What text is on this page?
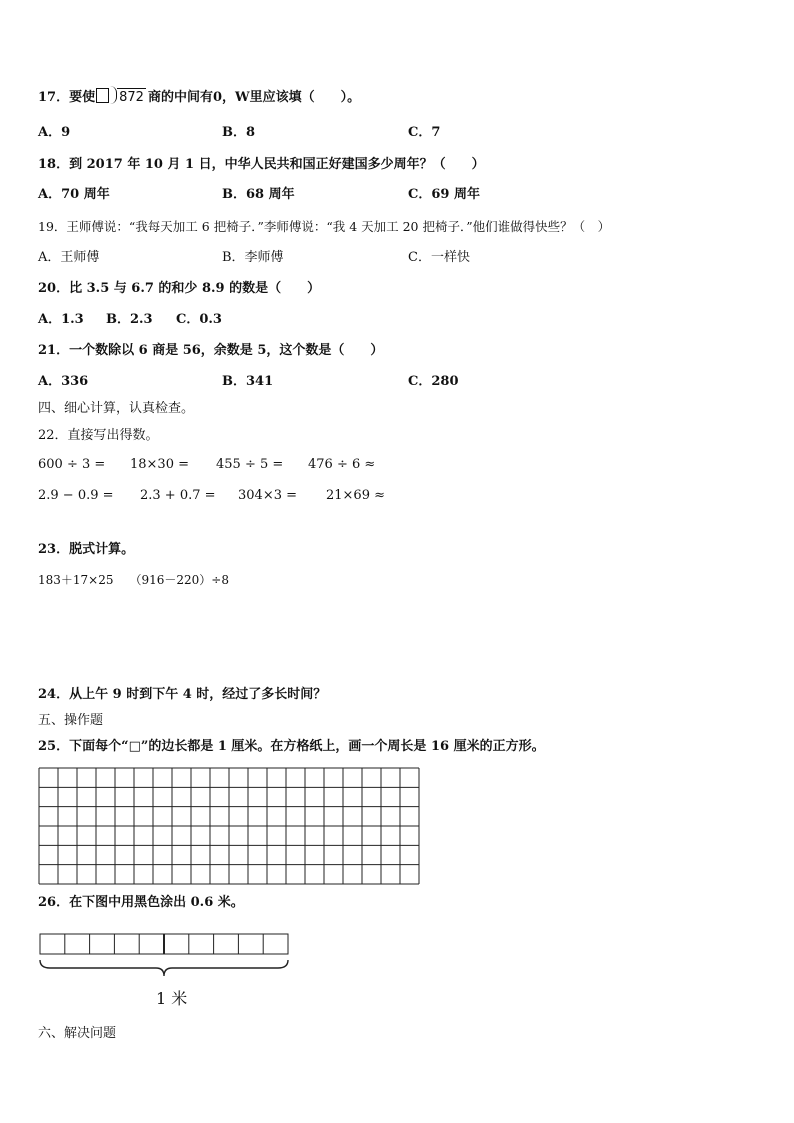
17．要使 872 商的中间有0，W里应该填（　　）。
A．9	B．8	C．7
18．到 2017 年 10 月 1 日，中华人民共和国正好建国多少周年？（　　）
A．70 周年	B．68 周年	C．69 周年
19．王师傅说：“我每天加工 6 把椅子．”李师傅说：“我 4 天加工 20 把椅子．”他们谁做得快些？（　）
A．王师傅	B．李师傅	C．一样快
20．比 3.5 与 6.7 的和少 8.9 的数是（　　）
A．1.3 B．2.3 C．0.3
21．一个数除以 6 商是 56，余数是 5，这个数是（　　）
A．336	B．341	C．280
四、细心计算，认真检查。
22．直接写出得数。
600 ÷ 3 = 18×30 = 455 ÷ 5 = 476 ÷ 6 ≈
2.9 − 0.9 = 2.3 + 0.7 = 304×3 = 21×69 ≈
23．脱式计算。
183＋17×25 （916－220）÷8
24．从上午 9 时到下午 4 时，经过了多长时间？
五、操作题
25．下面每个“□”的边长都是 1 厘米。在方格纸上，画一个周长是 16 厘米的正方形。
26．在下图中用黑色涂出 0.6 米。
1 米
六、解决问题
